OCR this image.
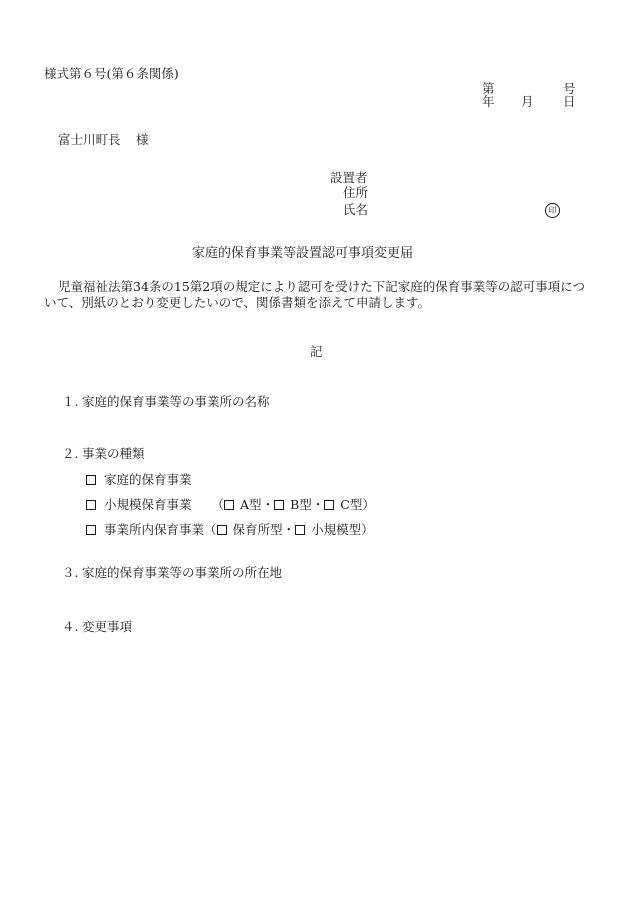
様式第６号(第６条関係)
第	号
年 月 日
富士川町長 様
設置者
住所
氏名	印
家庭的保育事業等設置認可事項変更届
児童福祉法第34条の15第2項の規定により認可を受けた下記家庭的保育事業等の認可事項について、別紙のとおり変更したいので、関係書類を添えて申請します。
記
１. 家庭的保育事業等の事業所の名称
２. 事業の種類
家庭的保育事業
小規模保育事業 （ A型・ B型・ C型）
事業所内保育事業（ 保育所型・ 小規模型）
３. 家庭的保育事業等の事業所の所在地
４. 変更事項
